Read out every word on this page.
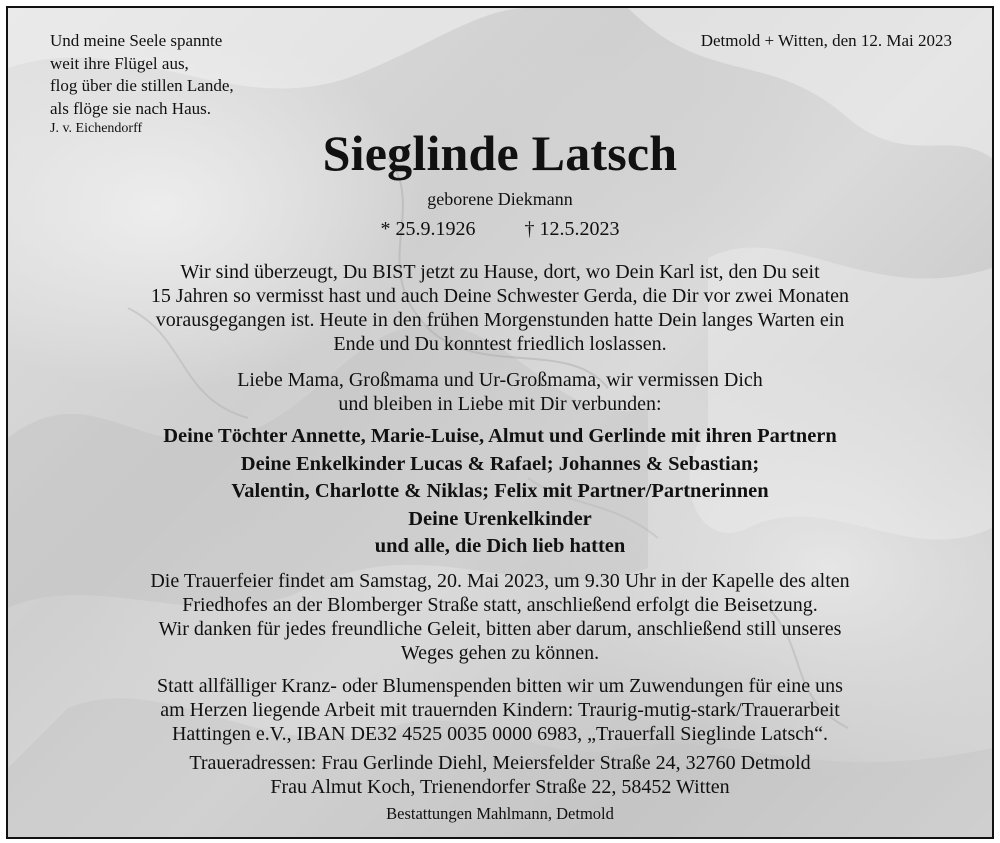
Und meine Seele spannte
weit ihre Flügel aus,
flog über die stillen Lande,
als flöge sie nach Haus.
J. v. Eichendorff
Detmold + Witten, den 12. Mai 2023
Sieglinde Latsch
geborene Diekmann
* 25.9.1926 † 12.5.2023
Wir sind überzeugt, Du BIST jetzt zu Hause, dort, wo Dein Karl ist, den Du seit
15 Jahren so vermisst hast und auch Deine Schwester Gerda, die Dir vor zwei Monaten
vorausgegangen ist. Heute in den frühen Morgenstunden hatte Dein langes Warten ein
Ende und Du konntest friedlich loslassen.
Liebe Mama, Großmama und Ur-Großmama, wir vermissen Dich
und bleiben in Liebe mit Dir verbunden:
Deine Töchter Annette, Marie-Luise, Almut und Gerlinde mit ihren Partnern
Deine Enkelkinder Lucas & Rafael; Johannes & Sebastian;
Valentin, Charlotte & Niklas; Felix mit Partner/Partnerinnen
Deine Urenkelkinder
und alle, die Dich lieb hatten
Die Trauerfeier findet am Samstag, 20. Mai 2023, um 9.30 Uhr in der Kapelle des alten
Friedhofes an der Blomberger Straße statt, anschließend erfolgt die Beisetzung.
Wir danken für jedes freundliche Geleit, bitten aber darum, anschließend still unseres
Weges gehen zu können.
Statt allfälliger Kranz- oder Blumenspenden bitten wir um Zuwendungen für eine uns
am Herzen liegende Arbeit mit trauernden Kindern: Traurig-mutig-stark/Trauerarbeit
Hattingen e.V., IBAN DE32 4525 0035 0000 6983, „Trauerfall Sieglinde Latsch“.
Traueradressen: Frau Gerlinde Diehl, Meiersfelder Straße 24, 32760 Detmold
Frau Almut Koch, Trienendorfer Straße 22, 58452 Witten
Bestattungen Mahlmann, Detmold
